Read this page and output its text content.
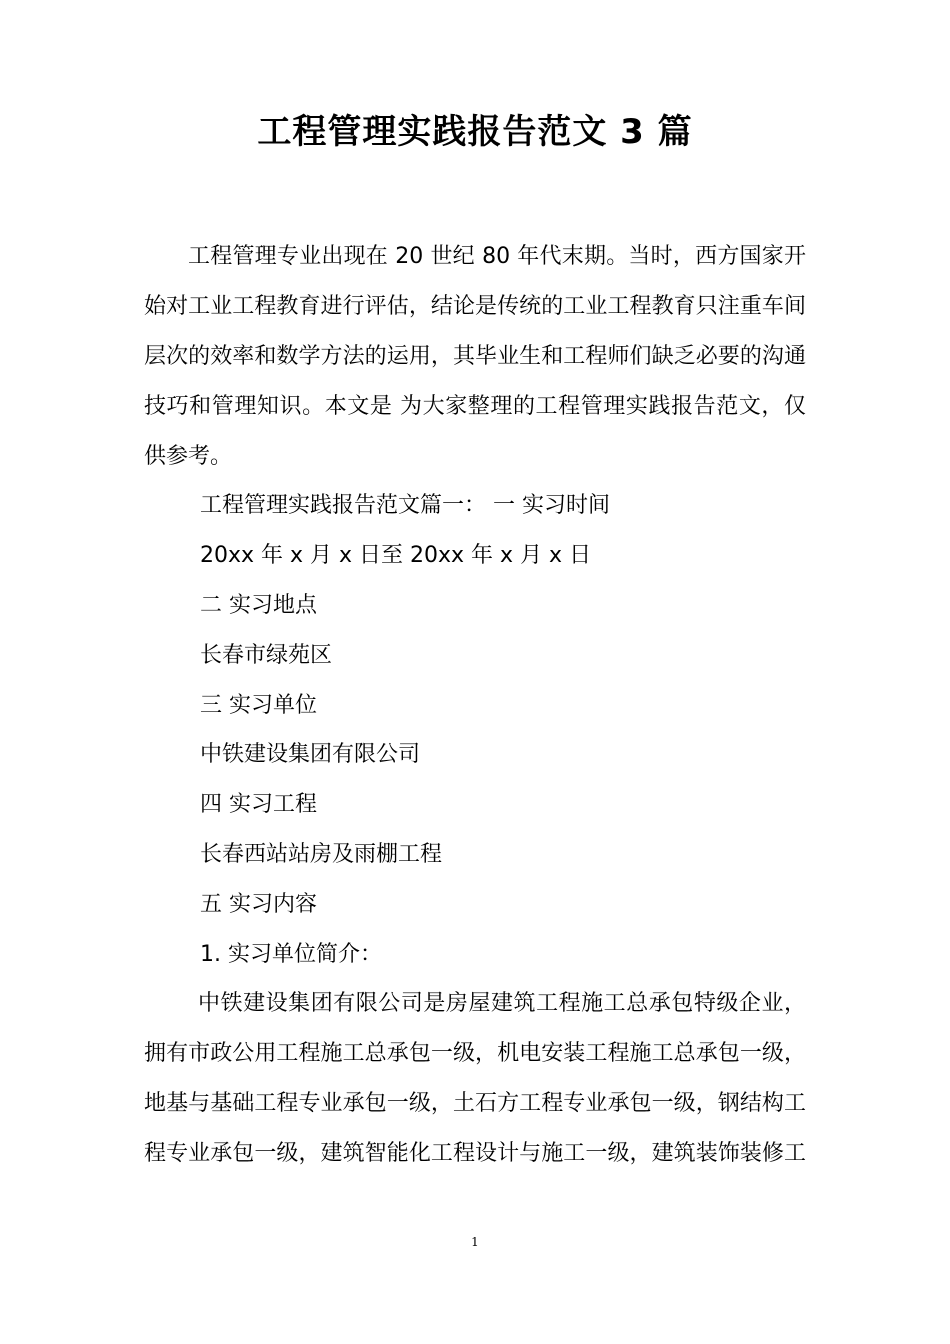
工程管理实践报告范文 3 篇
工程管理专业出现在 20 世纪 80 年代末期。当时，西方国家开
始对工业工程教育进行评估，结论是传统的工业工程教育只注重车间
层次的效率和数学方法的运用，其毕业生和工程师们缺乏必要的沟通
技巧和管理知识。本文是 为大家整理的工程管理实践报告范文，仅
供参考。
工程管理实践报告范文篇一： 一 实习时间
20xx 年 x 月 x 日至 20xx 年 x 月 x 日
二 实习地点
长春市绿苑区
三 实习单位
中铁建设集团有限公司
四 实习工程
长春西站站房及雨棚工程
五 实习内容
1. 实习单位简介：
中铁建设集团有限公司是房屋建筑工程施工总承包特级企业，
拥有市政公用工程施工总承包一级，机电安装工程施工总承包一级，
地基与基础工程专业承包一级，土石方工程专业承包一级，钢结构工
程专业承包一级，建筑智能化工程设计与施工一级，建筑装饰装修工
1
